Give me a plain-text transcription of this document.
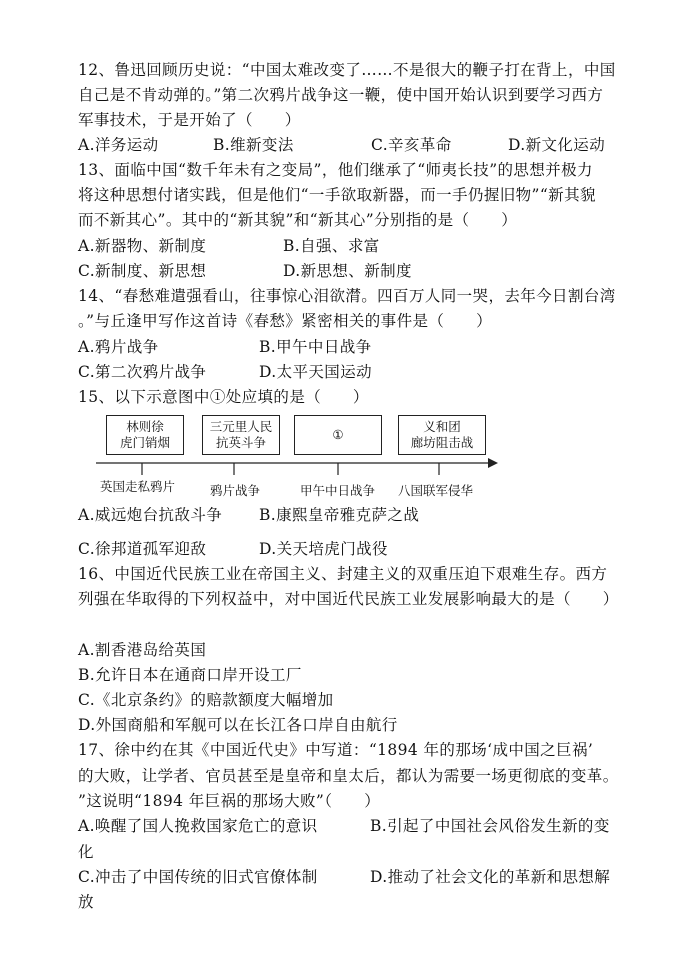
12、鲁迅回顾历史说：“中国太难改变了……不是很大的鞭子打在背上，中国
自己是不肯动弹的。”第二次鸦片战争这一鞭，使中国开始认识到要学习西方
军事技术，于是开始了（　　）
A.洋务运动	B.维新变法	C.辛亥革命	D.新文化运动
13、面临中国“数千年未有之变局”，他们继承了“师夷长技”的思想并极力
将这种思想付诸实践，但是他们“一手欲取新器，而一手仍握旧物”“新其貌
而不新其心”。其中的“新其貌”和“新其心”分别指的是（　　）
A.新器物、新制度	B.自强、求富
C.新制度、新思想	D.新思想、新制度
14、“春愁难遣强看山，往事惊心泪欲潸。四百万人同一哭，去年今日割台湾
。”与丘逢甲写作这首诗《春愁》紧密相关的事件是（　　）
A.鸦片战争	B.甲午中日战争
C.第二次鸦片战争	D.太平天国运动
15、以下示意图中①处应填的是（　　）
林则徐
虎门销烟
三元里人民
抗英斗争
①
义和团
廊坊阻击战
英国走私鸦片	鸦片战争	甲午中日战争 八国联军侵华
A.威远炮台抗敌斗争 B.康熙皇帝雅克萨之战
C.徐邦道孤军迎敌	D.关天培虎门战役
16、中国近代民族工业在帝国主义、封建主义的双重压迫下艰难生存。西方
列强在华取得的下列权益中，对中国近代民族工业发展影响最大的是（　　）
A.割香港岛给英国
B.允许日本在通商口岸开设工厂
C.《北京条约》的赔款额度大幅增加
D.外国商船和军舰可以在长江各口岸自由航行
17、徐中约在其《中国近代史》中写道：“1894 年的那场‘成中国之巨祸’
的大败，让学者、官员甚至是皇帝和皇太后，都认为需要一场更彻底的变革。
”这说明“1894 年巨祸的那场大败”（　　）
A.唤醒了国人挽救国家危亡的意识	B.引起了中国社会风俗发生新的变
化
C.冲击了中国传统的旧式官僚体制	D.推动了社会文化的革新和思想解
放
